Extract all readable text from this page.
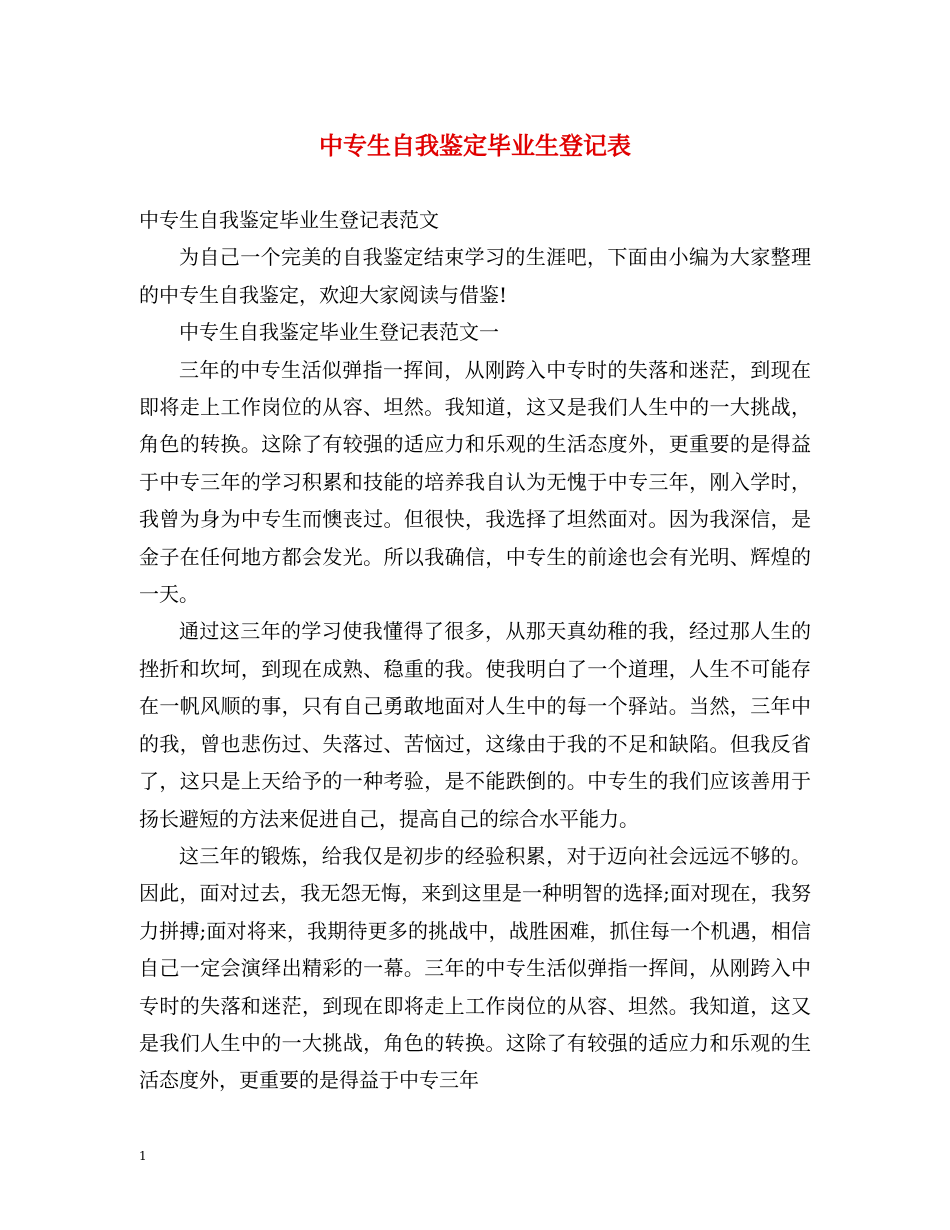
中专生自我鉴定毕业生登记表

中专生自我鉴定毕业生登记表范文

为自己一个完美的自我鉴定结束学习的生涯吧，下面由小编为大家整理的中专生自我鉴定，欢迎大家阅读与借鉴!

中专生自我鉴定毕业生登记表范文一

三年的中专生活似弹指一挥间，从刚跨入中专时的失落和迷茫，到现在即将走上工作岗位的从容、坦然。我知道，这又是我们人生中的一大挑战，角色的转换。这除了有较强的适应力和乐观的生活态度外，更重要的是得益于中专三年的学习积累和技能的培养我自认为无愧于中专三年，刚入学时，我曾为身为中专生而懊丧过。但很快，我选择了坦然面对。因为我深信，是金子在任何地方都会发光。所以我确信，中专生的前途也会有光明、辉煌的一天。

通过这三年的学习使我懂得了很多，从那天真幼稚的我，经过那人生的挫折和坎坷，到现在成熟、稳重的我。使我明白了一个道理，人生不可能存在一帆风顺的事，只有自己勇敢地面对人生中的每一个驿站。当然，三年中的我，曾也悲伤过、失落过、苦恼过，这缘由于我的不足和缺陷。但我反省了，这只是上天给予的一种考验，是不能跌倒的。中专生的我们应该善用于扬长避短的方法来促进自己，提高自己的综合水平能力。

这三年的锻炼，给我仅是初步的经验积累，对于迈向社会远远不够的。因此，面对过去，我无怨无悔，来到这里是一种明智的选择;面对现在，我努力拼搏;面对将来，我期待更多的挑战中，战胜困难，抓住每一个机遇，相信自己一定会演绎出精彩的一幕。三年的中专生活似弹指一挥间，从刚跨入中专时的失落和迷茫，到现在即将走上工作岗位的从容、坦然。我知道，这又是我们人生中的一大挑战，角色的转换。这除了有较强的适应力和乐观的生活态度外，更重要的是得益于中专三年

1
